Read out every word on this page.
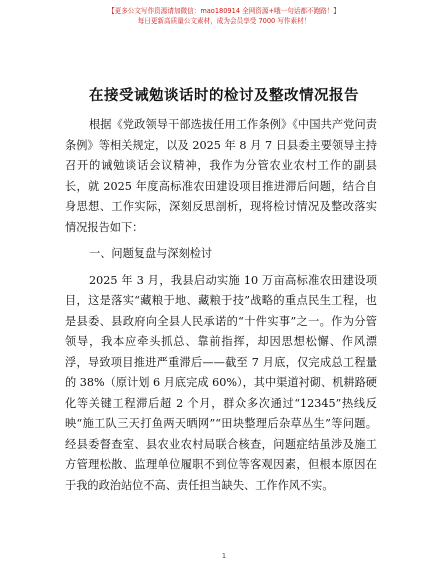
【更多公文写作资源请加微信：mao180914 全网资源+哦一句话都不跑路！】
每日更新高质量公文素材，成为会员享受 7000 写作素材！
在接受诫勉谈话时的检讨及整改情况报告

根据《党政领导干部选拔任用工作条例》《中国共产党问责条例》等相关规定，以及 2025 年 8 月 7 日县委主要领导主持召开的诫勉谈话会议精神，我作为分管农业农村工作的副县长，就 2025 年度高标准农田建设项目推进滞后问题，结合自身思想、工作实际，深刻反思剖析，现将检讨情况及整改落实情况报告如下：

一、问题复盘与深刻检讨

2025 年 3 月，我县启动实施 10 万亩高标准农田建设项目，这是落实“藏粮于地、藏粮于技”战略的重点民生工程，也是县委、县政府向全县人民承诺的“十件实事”之一。作为分管领导，我本应牵头抓总、靠前指挥，却因思想松懈、作风漂浮，导致项目推进严重滞后——截至 7 月底，仅完成总工程量的 38%（原计划 6 月底完成 60%），其中渠道衬砌、机耕路硬化等关键工程滞后超 2 个月，群众多次通过“12345”热线反映“施工队三天打鱼两天晒网”“田块整理后杂草丛生”等问题。经县委督查室、县农业农村局联合核查，问题症结虽涉及施工方管理松散、监理单位履职不到位等客观因素，但根本原因在于我的政治站位不高、责任担当缺失、工作作风不实。

1
